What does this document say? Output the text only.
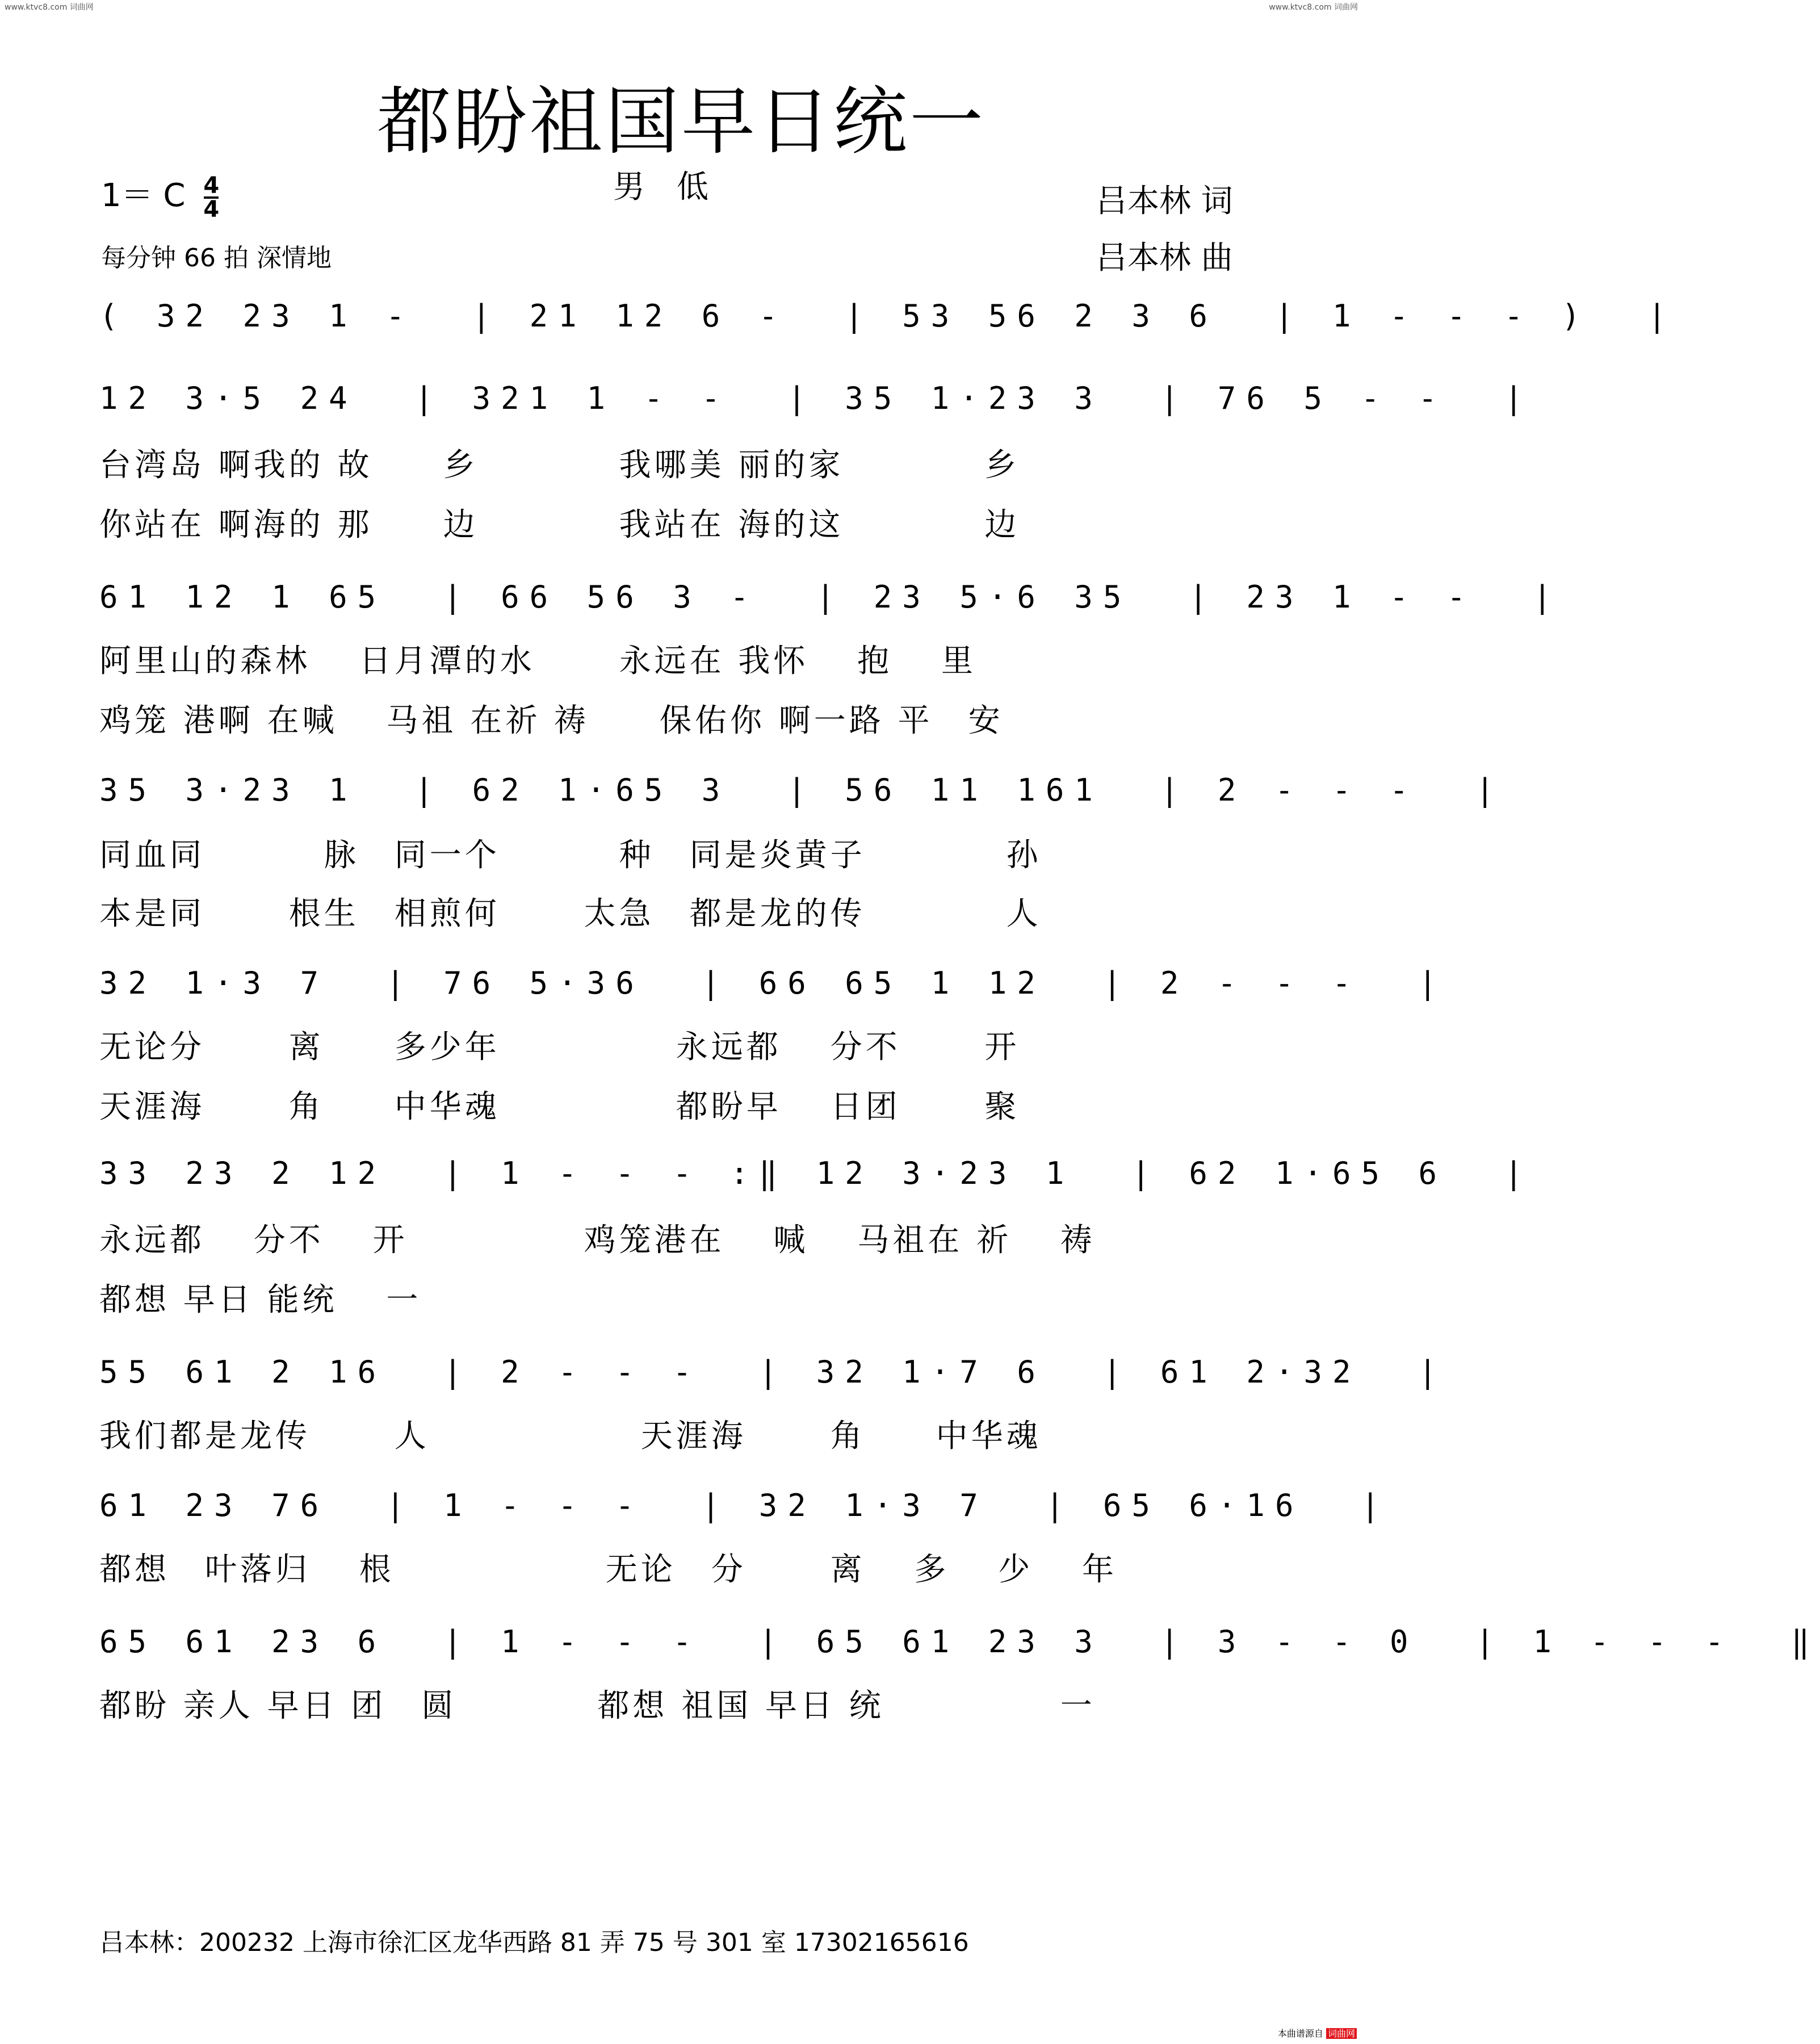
www.ktvc8.com 词曲网	www.ktvc8.com 词曲网
都盼祖国早日统一
1＝ C $\frac{4}{4}$	男　低	吕本林 词
吕本林 曲
每分钟 66 拍 深情地
( 32 23 1 -  | 21 12 6 -  | 53 56 2 3 6  | 1 - - - )  |
12 3·5 24  | 321 1 - -  | 35 1·23 3  | 76 5 - -  |
台湾岛 啊我的 故　　乡　　　　我哪美 丽的家　　　　乡
你站在 啊海的 那　　边　　　　我站在 海的这　　　　边
61 12 1 65  | 66 56 3 -  | 23 5·6 35  | 23 1 - -  |
阿里山的森林　 日月潭的水　　 永远在 我怀　 抱　 里
鸡笼 港啊 在喊　 马祖 在祈 祷　　保佑你 啊一路 平　安
35 3·23 1  | 62 1·65 3  | 56 11 161  | 2 - - -  |
同血同　　　 脉　同一个　　　 种　同是炎黄子　　　　孙
本是同　　 根生　相煎何　　 太急　都是龙的传　　　　人
32 1·3 7  | 76 5·36  | 66 65 1 12  | 2 - - -  |
无论分　　 离　　多少年　　　　　永远都　 分不　　 开
天涯海　　 角　　中华魂　　　　　都盼早　 日团　　 聚
33 23 2 12  | 1 - - - :‖ 12 3·23 1  | 62 1·65 6  |
永远都　 分不　 开　　　　　鸡笼港在　 喊　 马祖在 祈　 祷
都想 早日 能统　 一
55 61 2 16  | 2 - - -  | 32 1·7 6  | 61 2·32  |
我们都是龙传　　 人　　　　　　天涯海　　 角　　中华魂
61 23 76  | 1 - - -  | 32 1·3 7  | 65 6·16  |
都想　叶落归　 根　　　　　　无论　分　　 离　 多　 少　 年
65 61 23 6  | 1 - - -  | 65 61 23 3  | 3 - - 0  | 1 - - -  ‖
都盼 亲人 早日 团　圆　　　　都想 祖国 早日 统　　　　　一
吕本林：200232 上海市徐汇区龙华西路 81 弄 75 号 301 室 17302165616
本曲谱源自 词曲网
